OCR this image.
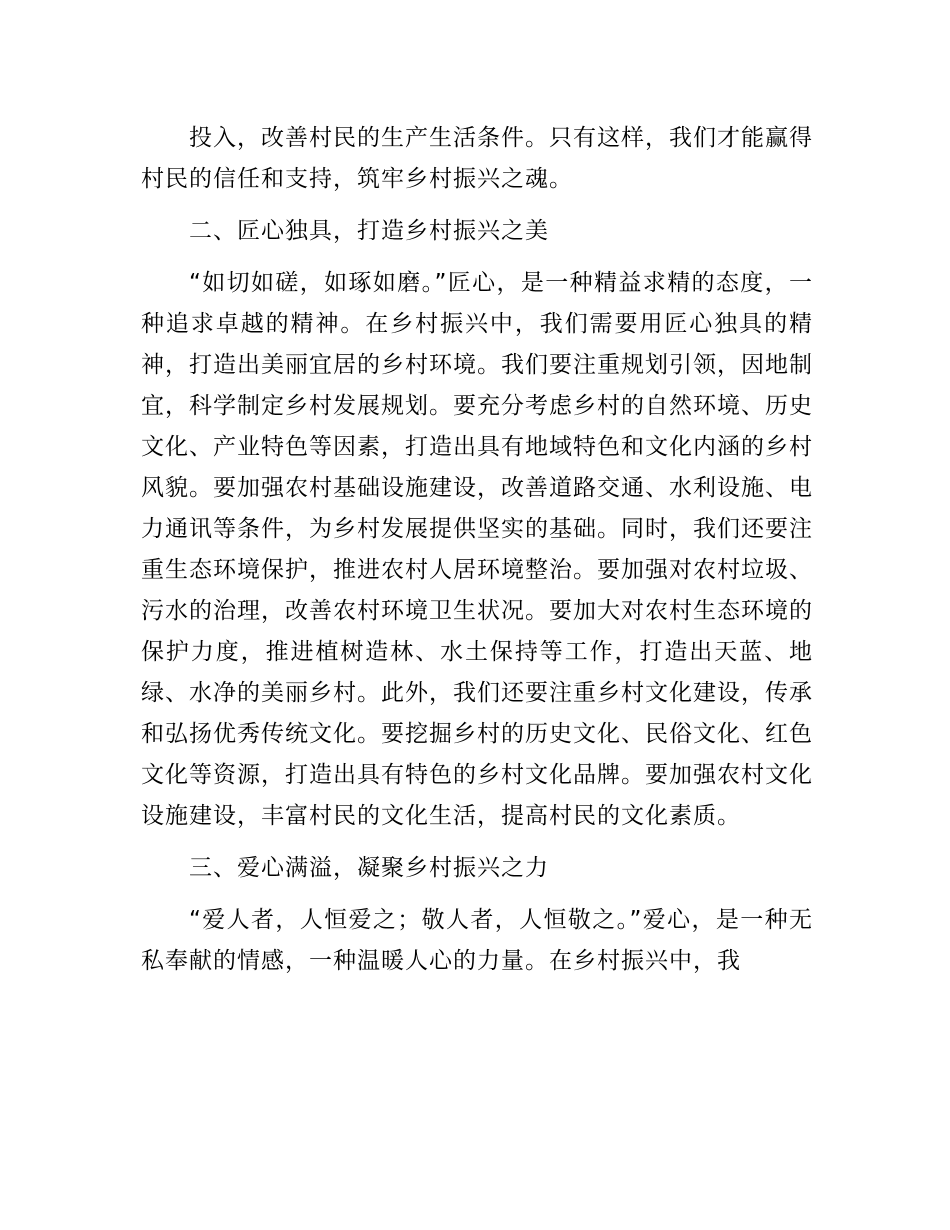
投入，改善村民的生产生活条件。只有这样，我们才能赢得村民的信任和支持，筑牢乡村振兴之魂。

二、匠心独具，打造乡村振兴之美

“如切如磋，如琢如磨。”匠心，是一种精益求精的态度，一种追求卓越的精神。在乡村振兴中，我们需要用匠心独具的精神，打造出美丽宜居的乡村环境。我们要注重规划引领，因地制宜，科学制定乡村发展规划。要充分考虑乡村的自然环境、历史文化、产业特色等因素，打造出具有地域特色和文化内涵的乡村风貌。要加强农村基础设施建设，改善道路交通、水利设施、电力通讯等条件，为乡村发展提供坚实的基础。同时，我们还要注重生态环境保护，推进农村人居环境整治。要加强对农村垃圾、污水的治理，改善农村环境卫生状况。要加大对农村生态环境的保护力度，推进植树造林、水土保持等工作，打造出天蓝、地绿、水净的美丽乡村。此外，我们还要注重乡村文化建设，传承和弘扬优秀传统文化。要挖掘乡村的历史文化、民俗文化、红色文化等资源，打造出具有特色的乡村文化品牌。要加强农村文化设施建设，丰富村民的文化生活，提高村民的文化素质。

三、爱心满溢，凝聚乡村振兴之力

“爱人者，人恒爱之；敬人者，人恒敬之。”爱心，是一种无私奉献的情感，一种温暖人心的力量。在乡村振兴中，我
